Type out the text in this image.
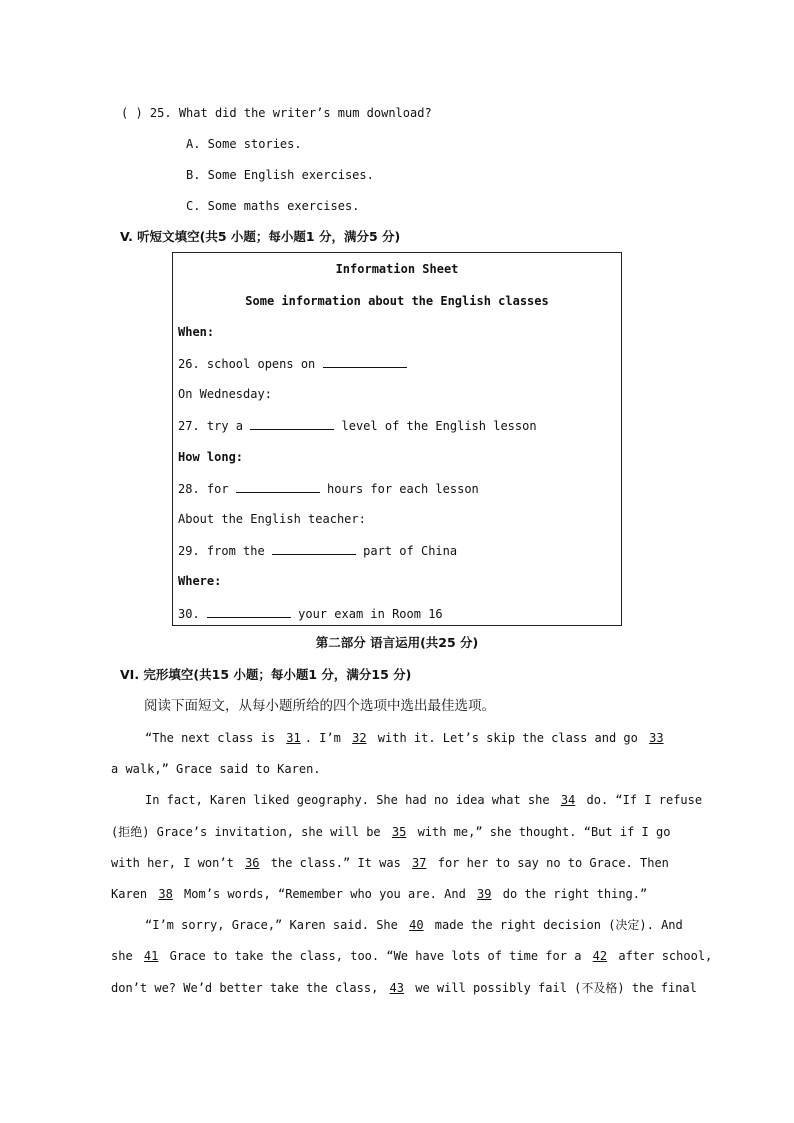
( ) 25. What did the writer’s mum download?
A. Some stories.
B. Some English exercises.
C. Some maths exercises.
V. 听短文填空(共5 小题；每小题1 分，满分5 分)
Information Sheet
Some information about the English classes
When:
26. school opens on
On Wednesday:
27. try a	level of the English lesson
How long:
28. for	hours for each lesson
About the English teacher:
29. from the	part of China
Where:
30.	your exam in Room 16
第二部分 语言运用(共25 分)
VI. 完形填空(共15 小题；每小题1 分，满分15 分)
阅读下面短文，从每小题所给的四个选项中选出最佳选项。
“The next class is 31 . I’m 32 with it. Let’s skip the class and go 33
a walk,” Grace said to Karen.
In fact, Karen liked geography. She had no idea what she 34 do. “If I refuse
(拒绝) Grace’s invitation, she will be 35 with me,” she thought. “But if I go
with her, I won’t 36 the class.” It was 37 for her to say no to Grace. Then
Karen 38 Mom’s words, “Remember who you are. And 39 do the right thing.”
“I’m sorry, Grace,” Karen said. She 40 made the right decision (决定). And
she 41 Grace to take the class, too. “We have lots of time for a 42 after school,
don’t we? We’d better take the class, 43 we will possibly fail (不及格) the final
